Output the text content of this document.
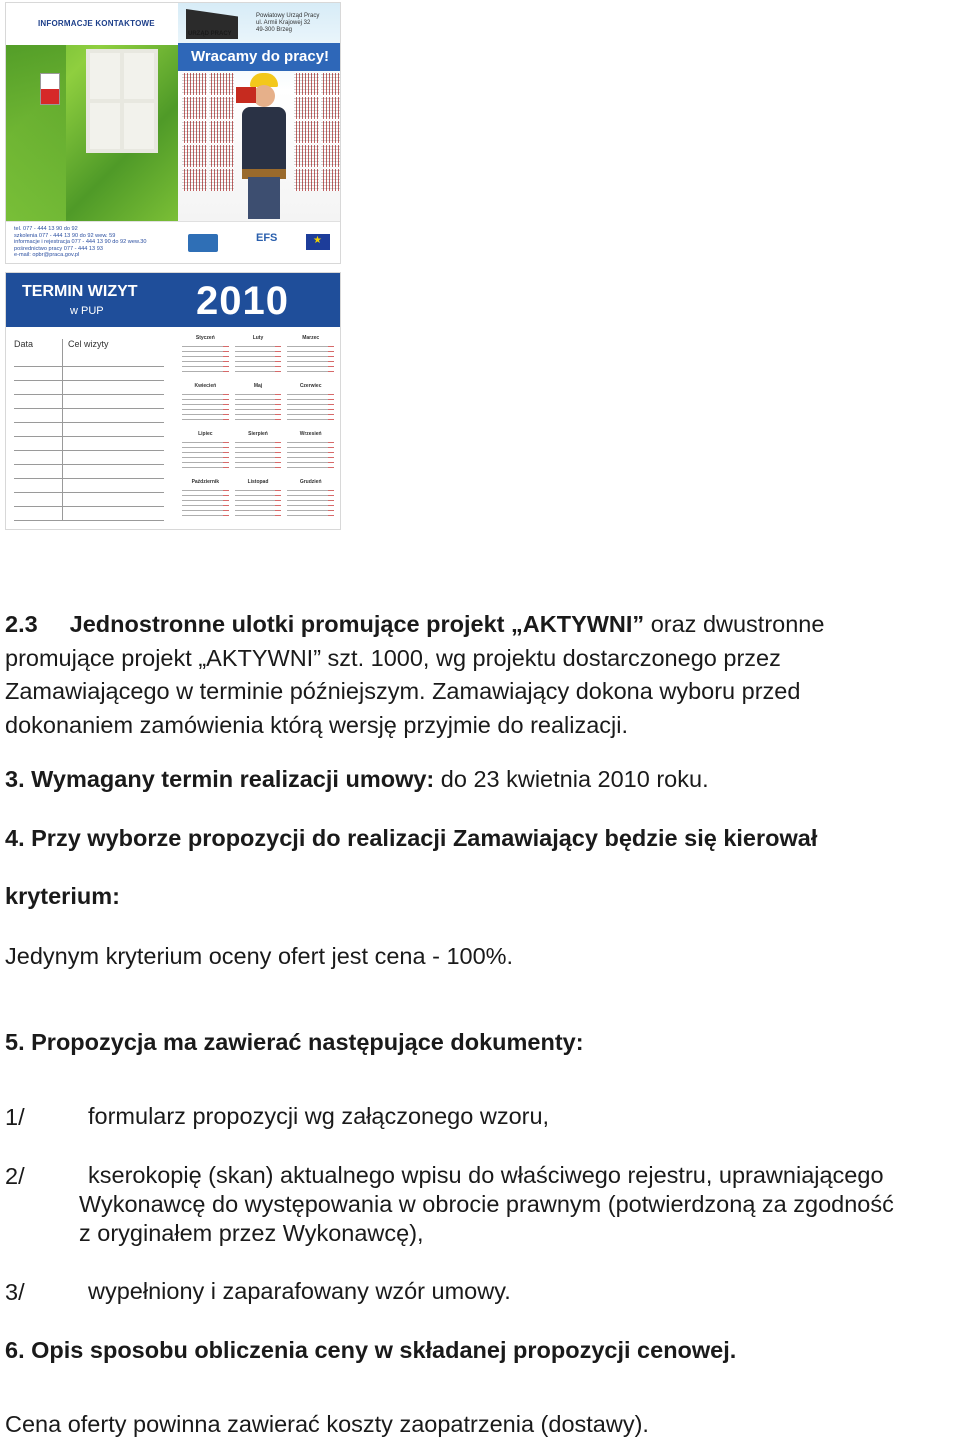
INFORMACJE KONTAKTOWE
URZĄD PRACY
Powiatowy Urząd Pracy
ul. Armii Krajowej 32
49-300 Brzeg
Wracamy do pracy!
tel. 077 - 444 13 90 do 92
szkolenia 077 - 444 13 90 do 92 wew. 59
informacje i rejestracja 077 - 444 13 90 do 92 wew.30
pośrednictwo pracy 077 - 444 13 93
e-mail: opbr@praca.gov.pl
EFS
★
TERMIN WIZYT
w PUP 2010
Data	Cel wizyty
Styczeń	Luty	Marzec
Kwiecień	Maj	Czerwiec
Lipiec	Sierpień	Wrzesień
Październik	Listopad	Grudzień
2.3 Jednostronne ulotki promujące projekt „AKTYWNI” oraz dwustronne
promujące projekt „AKTYWNI” szt. 1000, wg projektu dostarczonego przez
Zamawiającego w terminie późniejszym. Zamawiający dokona wyboru przed
dokonaniem zamówienia którą wersję przyjmie do realizacji.
3. Wymagany termin realizacji umowy: do 23 kwietnia 2010 roku.
4. Przy wyborze propozycji do realizacji Zamawiający będzie się kierował
kryterium:
Jedynym kryterium oceny ofert jest cena - 100%.
5. Propozycja ma zawierać następujące dokumenty:
1/	formularz propozycji wg załączonego wzoru,
2/	kserokopię (skan) aktualnego wpisu do właściwego rejestru, uprawniającego
Wykonawcę do występowania w obrocie prawnym (potwierdzoną za zgodność
z oryginałem przez Wykonawcę),
3/	wypełniony i zaparafowany wzór umowy.
6. Opis sposobu obliczenia ceny w składanej propozycji cenowej.
Cena oferty powinna zawierać koszty zaopatrzenia (dostawy).
